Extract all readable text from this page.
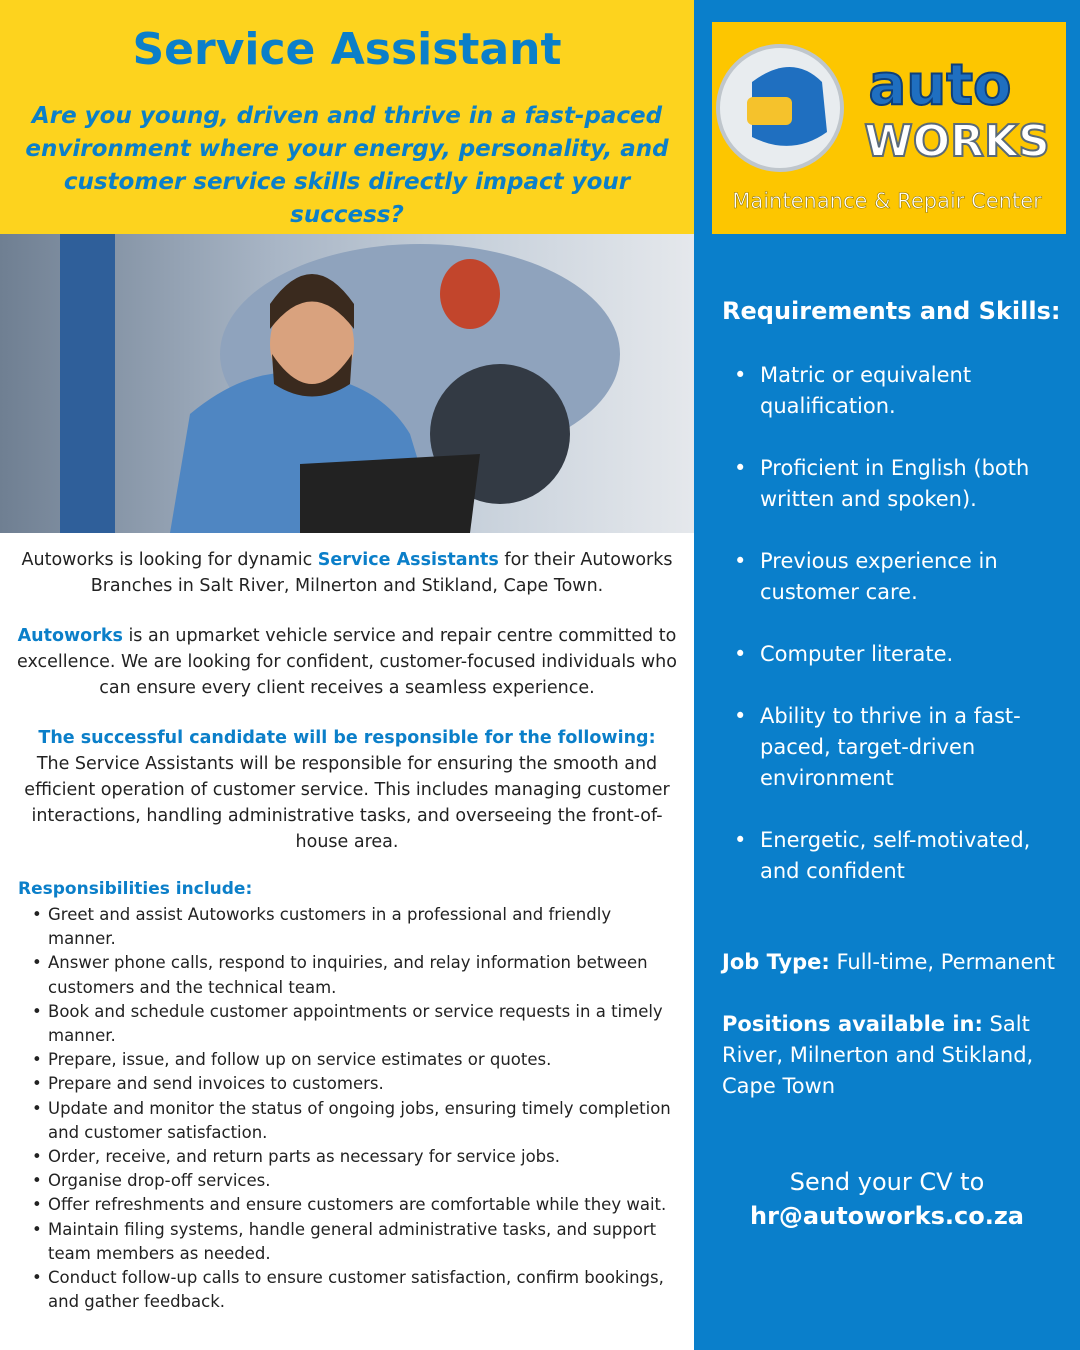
Service Assistant

Are you young, driven and thrive in a fast-paced environment where your energy, personality, and customer service skills directly impact your success?

Autoworks is looking for dynamic Service Assistants for their Autoworks Branches in Salt River, Milnerton and Stikland, Cape Town.

Autoworks is an upmarket vehicle service and repair centre committed to excellence. We are looking for confident, customer-focused individuals who can ensure every client receives a seamless experience.

The successful candidate will be responsible for the following:
The Service Assistants will be responsible for ensuring the smooth and efficient operation of customer service. This includes managing customer interactions, handling administrative tasks, and overseeing the front-of-house area.

Responsibilities include:
• Greet and assist Autoworks customers in a professional and friendly manner.
• Answer phone calls, respond to inquiries, and relay information between customers and the technical team.
• Book and schedule customer appointments or service requests in a timely manner.
• Prepare, issue, and follow up on service estimates or quotes.
• Prepare and send invoices to customers.
• Update and monitor the status of ongoing jobs, ensuring timely completion and customer satisfaction.
• Order, receive, and return parts as necessary for service jobs.
• Organise drop-off services.
• Offer refreshments and ensure customers are comfortable while they wait.
• Maintain filing systems, handle general administrative tasks, and support team members as needed.
• Conduct follow-up calls to ensure customer satisfaction, confirm bookings, and gather feedback.
auto
WORKS
Maintenance & Repair Center
Requirements and Skills:
• Matric or equivalent qualification.
• Proficient in English (both written and spoken).
• Previous experience in customer care.
• Computer literate.
• Ability to thrive in a fast-paced, target-driven environment
• Energetic, self-motivated, and confident

Job Type: Full-time, Permanent

Positions available in: Salt River, Milnerton and Stikland, Cape Town

Send your CV to
hr@autoworks.co.za
